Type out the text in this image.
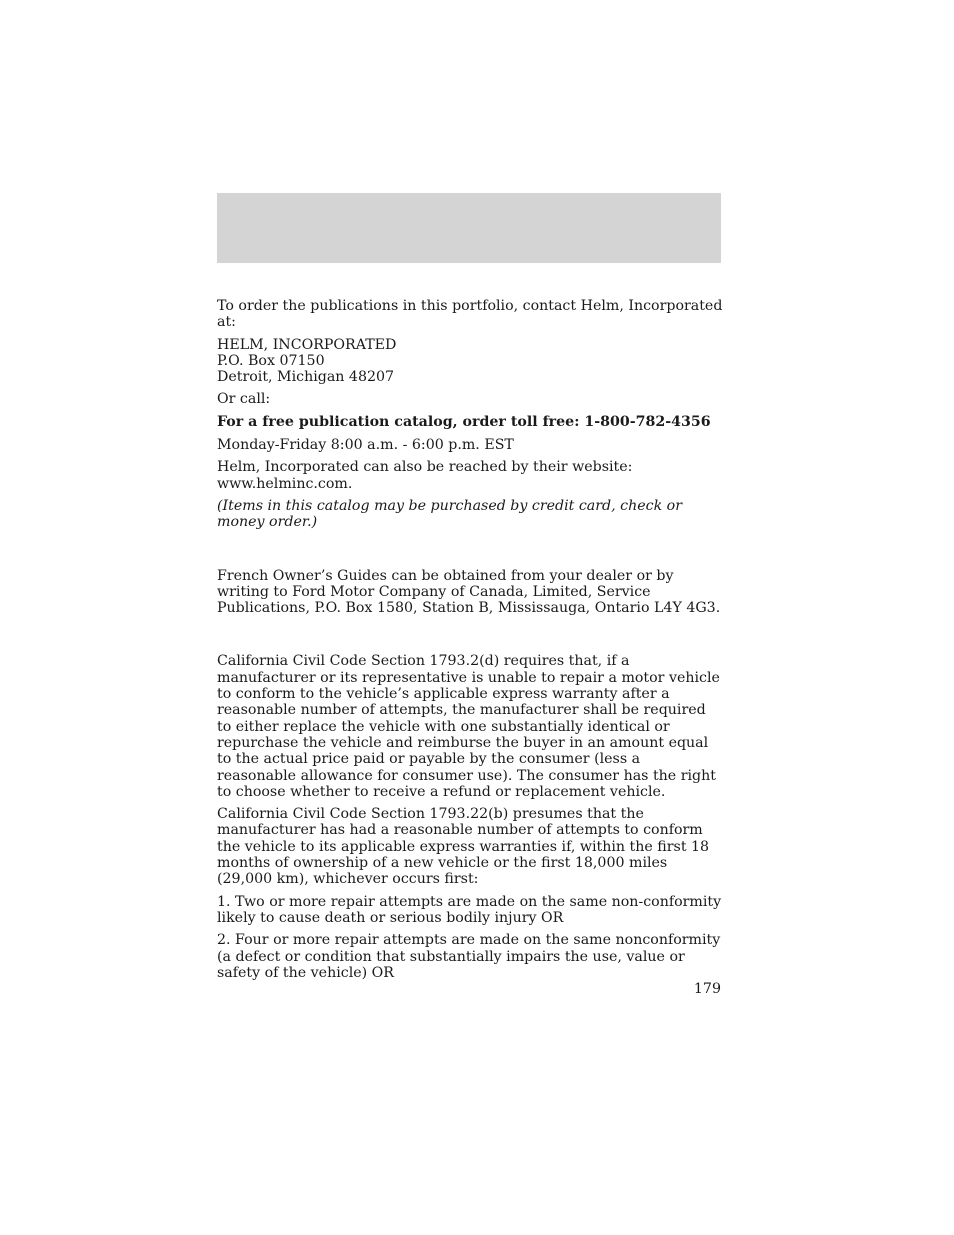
To order the publications in this portfolio, contact Helm, Incorporated at:

HELM, INCORPORATED
P.O. Box 07150
Detroit, Michigan 48207

Or call:

For a free publication catalog, order toll free: 1-800-782-4356

Monday-Friday 8:00 a.m. - 6:00 p.m. EST

Helm, Incorporated can also be reached by their website: www.helminc.com.

(Items in this catalog may be purchased by credit card, check or money order.)

French Owner’s Guides can be obtained from your dealer or by writing to Ford Motor Company of Canada, Limited, Service Publications, P.O. Box 1580, Station B, Mississauga, Ontario L4Y 4G3.

California Civil Code Section 1793.2(d) requires that, if a manufacturer or its representative is unable to repair a motor vehicle to conform to the vehicle’s applicable express warranty after a reasonable number of attempts, the manufacturer shall be required to either replace the vehicle with one substantially identical or repurchase the vehicle and reimburse the buyer in an amount equal to the actual price paid or payable by the consumer (less a reasonable allowance for consumer use). The consumer has the right to choose whether to receive a refund or replacement vehicle.

California Civil Code Section 1793.22(b) presumes that the manufacturer has had a reasonable number of attempts to conform the vehicle to its applicable express warranties if, within the first 18 months of ownership of a new vehicle or the first 18,000 miles (29,000 km), whichever occurs first:

1. Two or more repair attempts are made on the same non-conformity likely to cause death or serious bodily injury OR

2. Four or more repair attempts are made on the same nonconformity (a defect or condition that substantially impairs the use, value or safety of the vehicle) OR

179
